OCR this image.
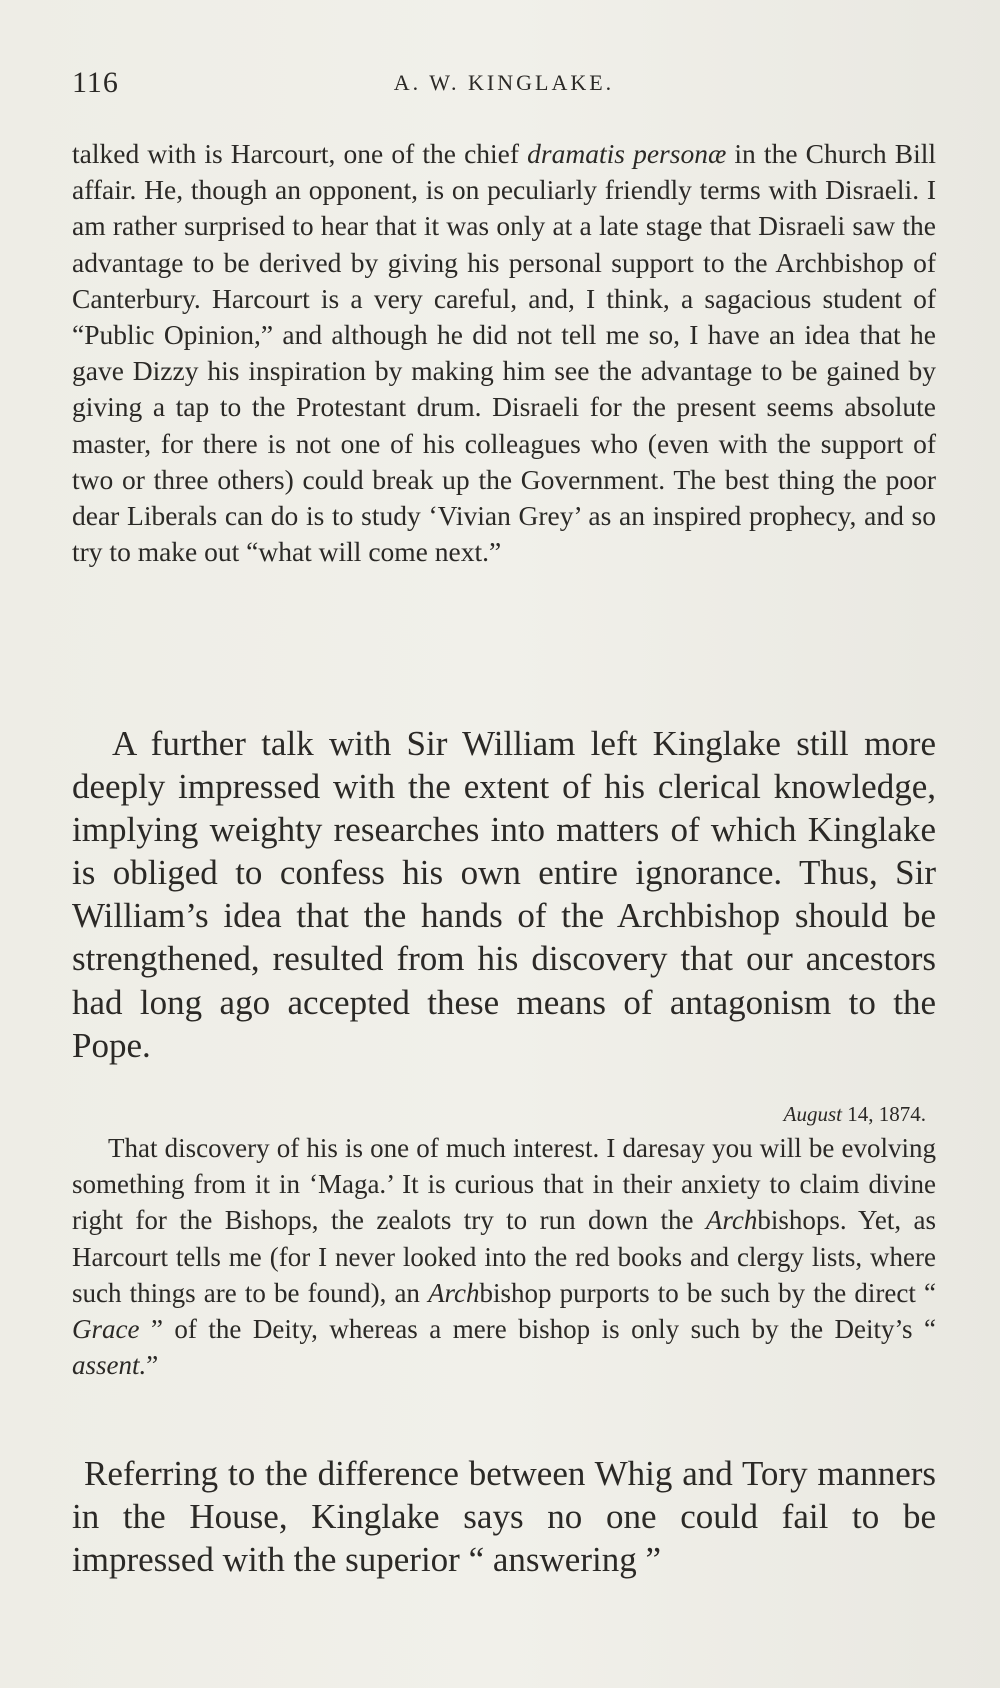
116	A. W. KINGLAKE.

talked with is Harcourt, one of the chief dramatis personæ in the Church Bill affair. He, though an opponent, is on peculiarly friendly terms with Disraeli. I am rather surprised to hear that it was only at a late stage that Disraeli saw the advantage to be derived by giving his personal support to the Archbishop of Canterbury. Harcourt is a very careful, and, I think, a sagacious student of “Public Opinion,” and although he did not tell me so, I have an idea that he gave Dizzy his inspiration by making him see the advantage to be gained by giving a tap to the Protestant drum. Disraeli for the present seems absolute master, for there is not one of his colleagues who (even with the support of two or three others) could break up the Government. The best thing the poor dear Liberals can do is to study ‘Vivian Grey’ as an inspired prophecy, and so try to make out “what will come next.”

A further talk with Sir William left Kinglake still more deeply impressed with the extent of his clerical knowledge, implying weighty researches into matters of which Kinglake is obliged to confess his own entire ignorance. Thus, Sir William’s idea that the hands of the Archbishop should be strengthened, resulted from his discovery that our ancestors had long ago accepted these means of antagonism to the Pope.

August 14, 1874.

That discovery of his is one of much interest. I daresay you will be evolving something from it in ‘Maga.’ It is curious that in their anxiety to claim divine right for the Bishops, the zealots try to run down the Archbishops. Yet, as Harcourt tells me (for I never looked into the red books and clergy lists, where such things are to be found), an Archbishop purports to be such by the direct “ Grace ” of the Deity, whereas a mere bishop is only such by the Deity’s “ assent.”

Referring to the difference between Whig and Tory manners in the House, Kinglake says no one could fail to be impressed with the superior “ answering ”
